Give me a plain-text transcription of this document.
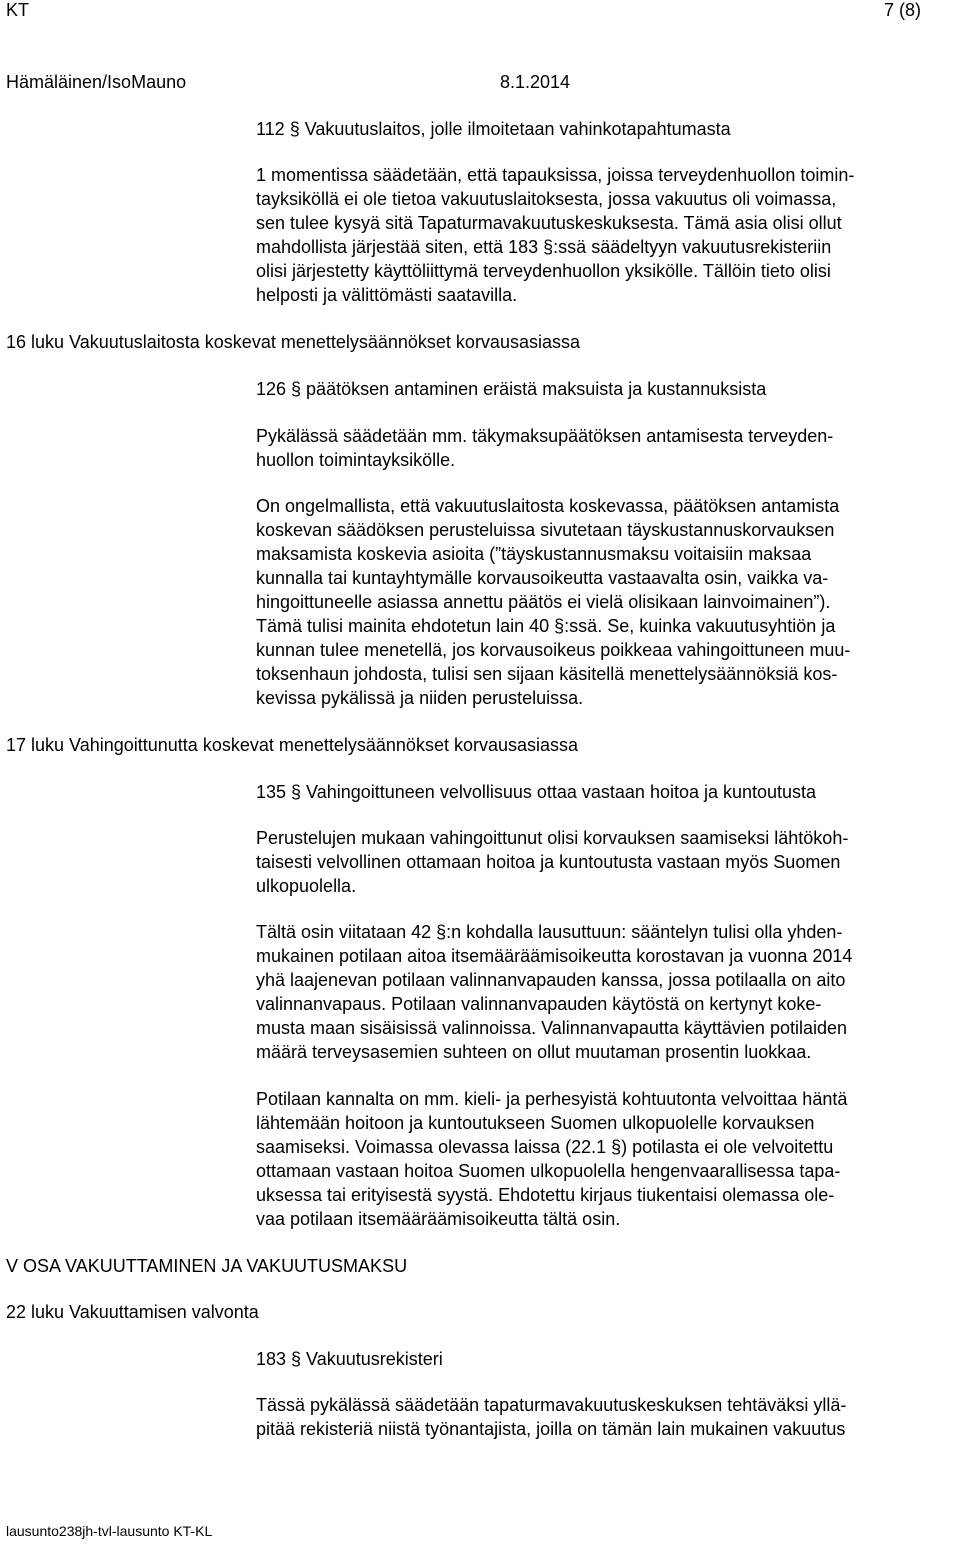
KT	7 (8)
Hämäläinen/IsoMauno	8.1.2014
112 § Vakuutuslaitos, jolle ilmoitetaan vahinkotapahtumasta
1 momentissa säädetään, että tapauksissa, joissa terveydenhuollon toimin-
tayksiköllä ei ole tietoa vakuutuslaitoksesta, jossa vakuutus oli voimassa,
sen tulee kysyä sitä Tapaturmavakuutuskeskuksesta. Tämä asia olisi ollut
mahdollista järjestää siten, että 183 §:ssä säädeltyyn vakuutusrekisteriin
olisi järjestetty käyttöliittymä terveydenhuollon yksikölle. Tällöin tieto olisi
helposti ja välittömästi saatavilla.
16 luku Vakuutuslaitosta koskevat menettelysäännökset korvausasiassa
126 § päätöksen antaminen eräistä maksuista ja kustannuksista
Pykälässä säädetään mm. täkymaksupäätöksen antamisesta terveyden-
huollon toimintayksikölle.
On ongelmallista, että vakuutuslaitosta koskevassa, päätöksen antamista
koskevan säädöksen perusteluissa sivutetaan täyskustannuskorvauksen
maksamista koskevia asioita (”täyskustannusmaksu voitaisiin maksaa
kunnalla tai kuntayhtymälle korvausoikeutta vastaavalta osin, vaikka va-
hingoittuneelle asiassa annettu päätös ei vielä olisikaan lainvoimainen”).
Tämä tulisi mainita ehdotetun lain 40 §:ssä. Se, kuinka vakuutusyhtiön ja
kunnan tulee menetellä, jos korvausoikeus poikkeaa vahingoittuneen muu-
toksenhaun johdosta, tulisi sen sijaan käsitellä menettelysäännöksiä kos-
kevissa pykälissä ja niiden perusteluissa.
17 luku Vahingoittunutta koskevat menettelysäännökset korvausasiassa
135 § Vahingoittuneen velvollisuus ottaa vastaan hoitoa ja kuntoutusta
Perustelujen mukaan vahingoittunut olisi korvauksen saamiseksi lähtökoh-
taisesti velvollinen ottamaan hoitoa ja kuntoutusta vastaan myös Suomen
ulkopuolella.
Tältä osin viitataan 42 §:n kohdalla lausuttuun: sääntelyn tulisi olla yhden-
mukainen potilaan aitoa itsemääräämisoikeutta korostavan ja vuonna 2014
yhä laajenevan potilaan valinnanvapauden kanssa, jossa potilaalla on aito
valinnanvapaus. Potilaan valinnanvapauden käytöstä on kertynyt koke-
musta maan sisäisissä valinnoissa. Valinnanvapautta käyttävien potilaiden
määrä terveysasemien suhteen on ollut muutaman prosentin luokkaa.
Potilaan kannalta on mm. kieli- ja perhesyistä kohtuutonta velvoittaa häntä
lähtemään hoitoon ja kuntoutukseen Suomen ulkopuolelle korvauksen
saamiseksi. Voimassa olevassa laissa (22.1 §) potilasta ei ole velvoitettu
ottamaan vastaan hoitoa Suomen ulkopuolella hengenvaarallisessa tapa-
uksessa tai erityisestä syystä. Ehdotettu kirjaus tiukentaisi olemassa ole-
vaa potilaan itsemääräämisoikeutta tältä osin.
V OSA VAKUUTTAMINEN JA VAKUUTUSMAKSU
22 luku Vakuuttamisen valvonta
183 § Vakuutusrekisteri
Tässä pykälässä säädetään tapaturmavakuutuskeskuksen tehtäväksi yllä-
pitää rekisteriä niistä työnantajista, joilla on tämän lain mukainen vakuutus
lausunto238jh-tvl-lausunto KT-KL
